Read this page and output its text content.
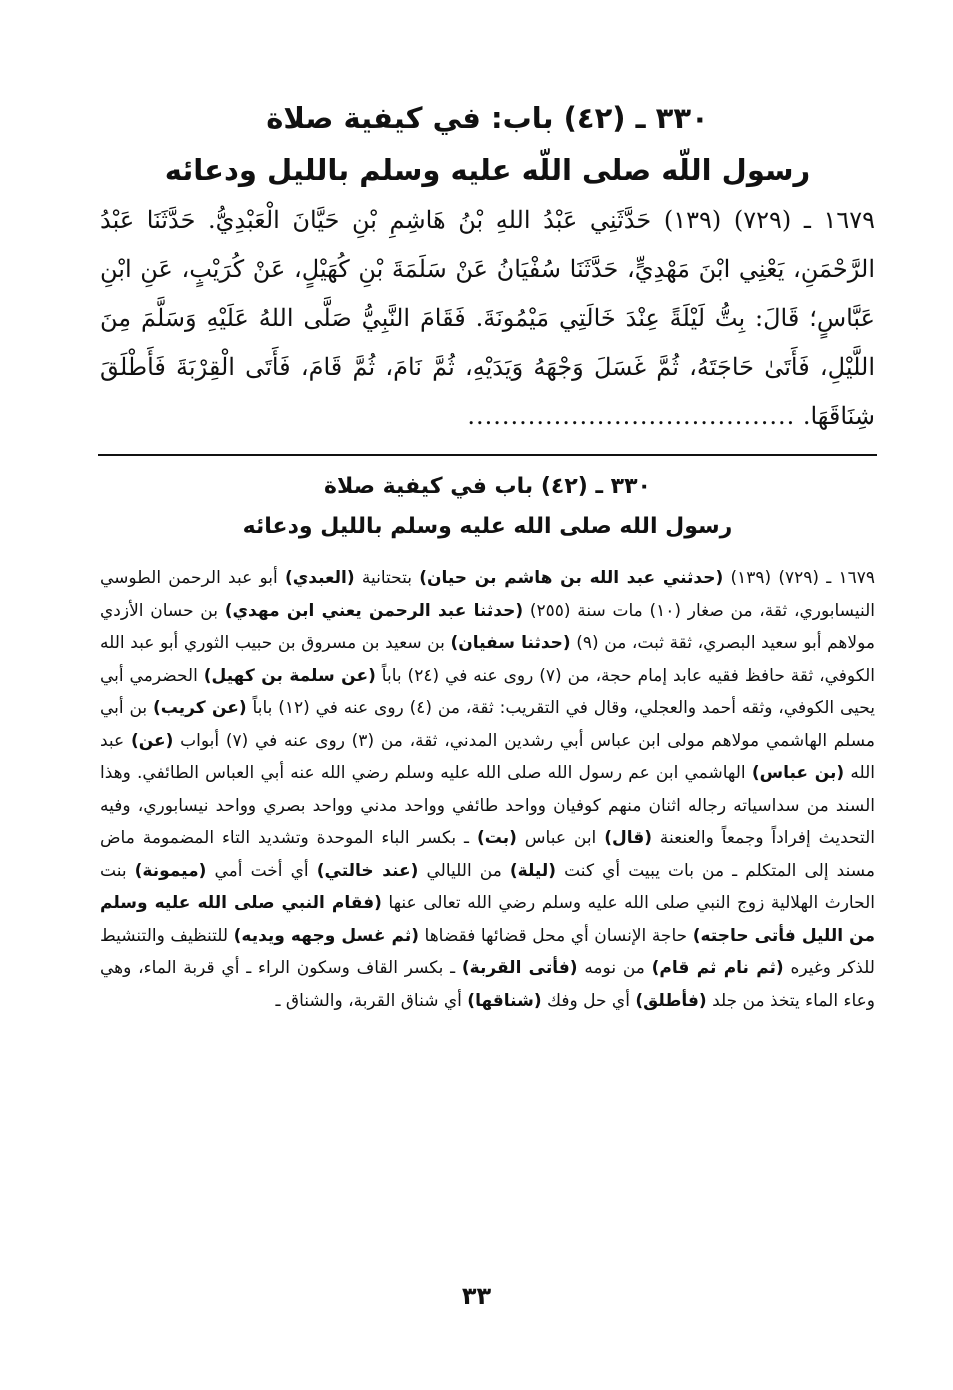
٣٣٠ ـ (٤٢) باب: في كيفية صلاة
رسول اللّه صلى اللّه عليه وسلم بالليل ودعائه
١٦٧٩ ـ (٧٢٩) (١٣٩) حَدَّثَنِي عَبْدُ اللهِ بْنُ هَاشِمِ بْنِ حَيَّانَ الْعَبْدِيُّ. حَدَّثَنَا عَبْدُ الرَّحْمَنِ، يَعْنِي ابْنَ مَهْدِيٍّ، حَدَّثَنَا سُفْيَانُ عَنْ سَلَمَةَ بْنِ كُهَيْلٍ، عَنْ كُرَيْبٍ، عَنِ ابْنِ عَبَّاسٍ؛ قَالَ: بِتُّ لَيْلَةً عِنْدَ خَالَتِي مَيْمُونَةَ. فَقَامَ النَّبِيُّ صَلَّى اللهُ عَلَيْهِ وَسَلَّمَ مِنَ اللَّيْلِ، فَأَتَىٰ حَاجَتَهُ، ثُمَّ غَسَلَ وَجْهَهُ وَيَدَيْهِ، ثُمَّ نَامَ، ثُمَّ قَامَ، فَأَتَى الْقِرْبَةَ فَأَطْلَقَ شِنَاقَهَا. ......................................
٣٣٠ ـ (٤٢) باب في كيفية صلاة
رسول الله صلى الله عليه وسلم بالليل ودعائه
١٦٧٩ ـ (٧٢٩) (١٣٩) (حدثني عبد الله بن هاشم بن حيان) بتحتانية (العبدي) أبو عبد الرحمن الطوسي النيسابوري، ثقة، من صغار (١٠) مات سنة (٢٥٥) (حدثنا عبد الرحمن يعني ابن مهدي) بن حسان الأزدي مولاهم أبو سعيد البصري، ثقة ثبت، من (٩) (حدثنا سفيان) بن سعيد بن مسروق بن حبيب الثوري أبو عبد الله الكوفي، ثقة حافظ فقيه عابد إمام حجة، من (٧) روى عنه في (٢٤) باباً (عن سلمة بن كهيل) الحضرمي أبي يحيى الكوفي، وثقه أحمد والعجلي، وقال في التقريب: ثقة، من (٤) روى عنه في (١٢) باباً (عن كريب) بن أبي مسلم الهاشمي مولاهم مولى ابن عباس أبي رشدين المدني، ثقة، من (٣) روى عنه في (٧) أبواب (عن) عبد الله (بن عباس) الهاشمي ابن عم رسول الله صلى الله عليه وسلم رضي الله عنه أبي العباس الطائفي. وهذا السند من سداسياته رجاله اثنان منهم كوفيان وواحد طائفي وواحد مدني وواحد بصري وواحد نيسابوري، وفيه التحديث إفراداً وجمعاً والعنعنة (قال) ابن عباس (بت) ـ بكسر الباء الموحدة وتشديد التاء المضمومة ماض مسند إلى المتكلم ـ من بات يبيت أي كنت (ليلة) من الليالي (عند خالتي) أي أخت أمي (ميمونة) بنت الحارث الهلالية زوج النبي صلى الله عليه وسلم رضي الله تعالى عنها (فقام النبي صلى الله عليه وسلم من الليل فأتى حاجته) حاجة الإنسان أي محل قضائها فقضاها (ثم غسل وجهه ويديه) للتنظيف والتنشيط للذكر وغيره (ثم نام ثم قام) من نومه (فأتى القربة) ـ بكسر القاف وسكون الراء ـ أي قربة الماء، وهي وعاء الماء يتخذ من جلد (فأطلق) أي حل وفك (شناقها) أي شناق القربة، والشناق ـ
٣٣
